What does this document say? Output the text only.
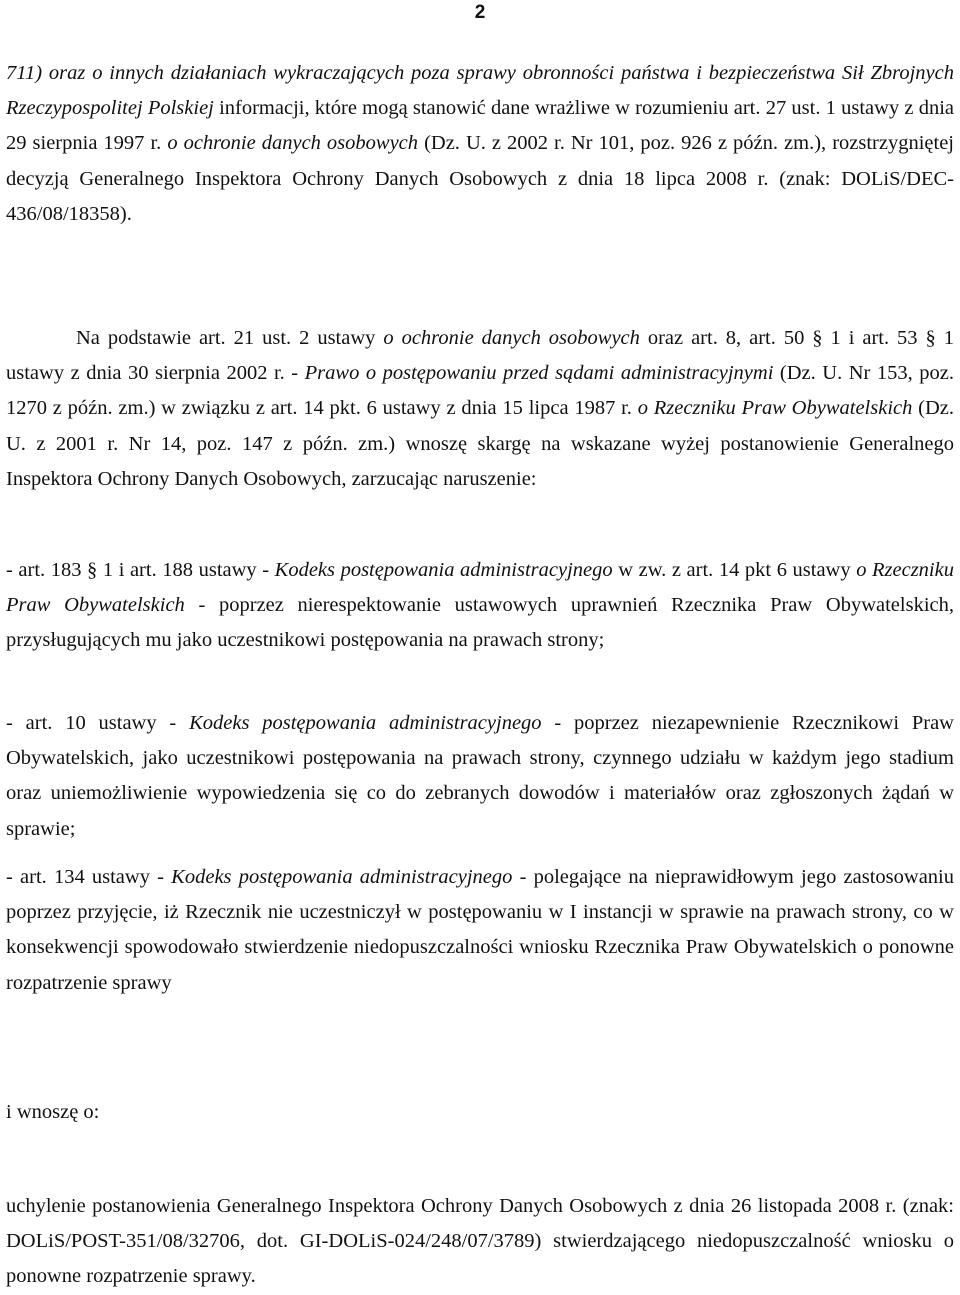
2

711) oraz o innych działaniach wykraczających poza sprawy obronności państwa i bezpieczeństwa Sił Zbrojnych Rzeczypospolitej Polskiej informacji, które mogą stanowić dane wrażliwe w rozumieniu art. 27 ust. 1 ustawy z dnia 29 sierpnia 1997 r. o ochronie danych osobowych (Dz. U. z 2002 r. Nr 101, poz. 926 z późn. zm.), rozstrzygniętej decyzją Generalnego Inspektora Ochrony Danych Osobowych z dnia 18 lipca 2008 r. (znak: DOLiS/DEC-436/08/18358).

Na podstawie art. 21 ust. 2 ustawy o ochronie danych osobowych oraz art. 8, art. 50 § 1 i art. 53 § 1 ustawy z dnia 30 sierpnia 2002 r. - Prawo o postępowaniu przed sądami administracyjnymi (Dz. U. Nr 153, poz. 1270 z późn. zm.) w związku z art. 14 pkt. 6 ustawy z dnia 15 lipca 1987 r. o Rzeczniku Praw Obywatelskich (Dz. U. z 2001 r. Nr 14, poz. 147 z późn. zm.) wnoszę skargę na wskazane wyżej postanowienie Generalnego Inspektora Ochrony Danych Osobowych, zarzucając naruszenie:

- art. 183 § 1 i art. 188 ustawy - Kodeks postępowania administracyjnego w zw. z art. 14 pkt 6 ustawy o Rzeczniku Praw Obywatelskich - poprzez nierespektowanie ustawowych uprawnień Rzecznika Praw Obywatelskich, przysługujących mu jako uczestnikowi postępowania na prawach strony;

- art. 10 ustawy - Kodeks postępowania administracyjnego - poprzez niezapewnienie Rzecznikowi Praw Obywatelskich, jako uczestnikowi postępowania na prawach strony, czynnego udziału w każdym jego stadium oraz uniemożliwienie wypowiedzenia się co do zebranych dowodów i materiałów oraz zgłoszonych żądań w sprawie;

- art. 134 ustawy - Kodeks postępowania administracyjnego - polegające na nieprawidłowym jego zastosowaniu poprzez przyjęcie, iż Rzecznik nie uczestniczył w postępowaniu w I instancji w sprawie na prawach strony, co w konsekwencji spowodowało stwierdzenie niedopuszczalności wniosku Rzecznika Praw Obywatelskich o ponowne rozpatrzenie sprawy

i wnoszę o:

uchylenie postanowienia Generalnego Inspektora Ochrony Danych Osobowych z dnia 26 listopada 2008 r. (znak: DOLiS/POST-351/08/32706, dot. GI-DOLiS-024/248/07/3789) stwierdzającego niedopuszczalność wniosku o ponowne rozpatrzenie sprawy.
